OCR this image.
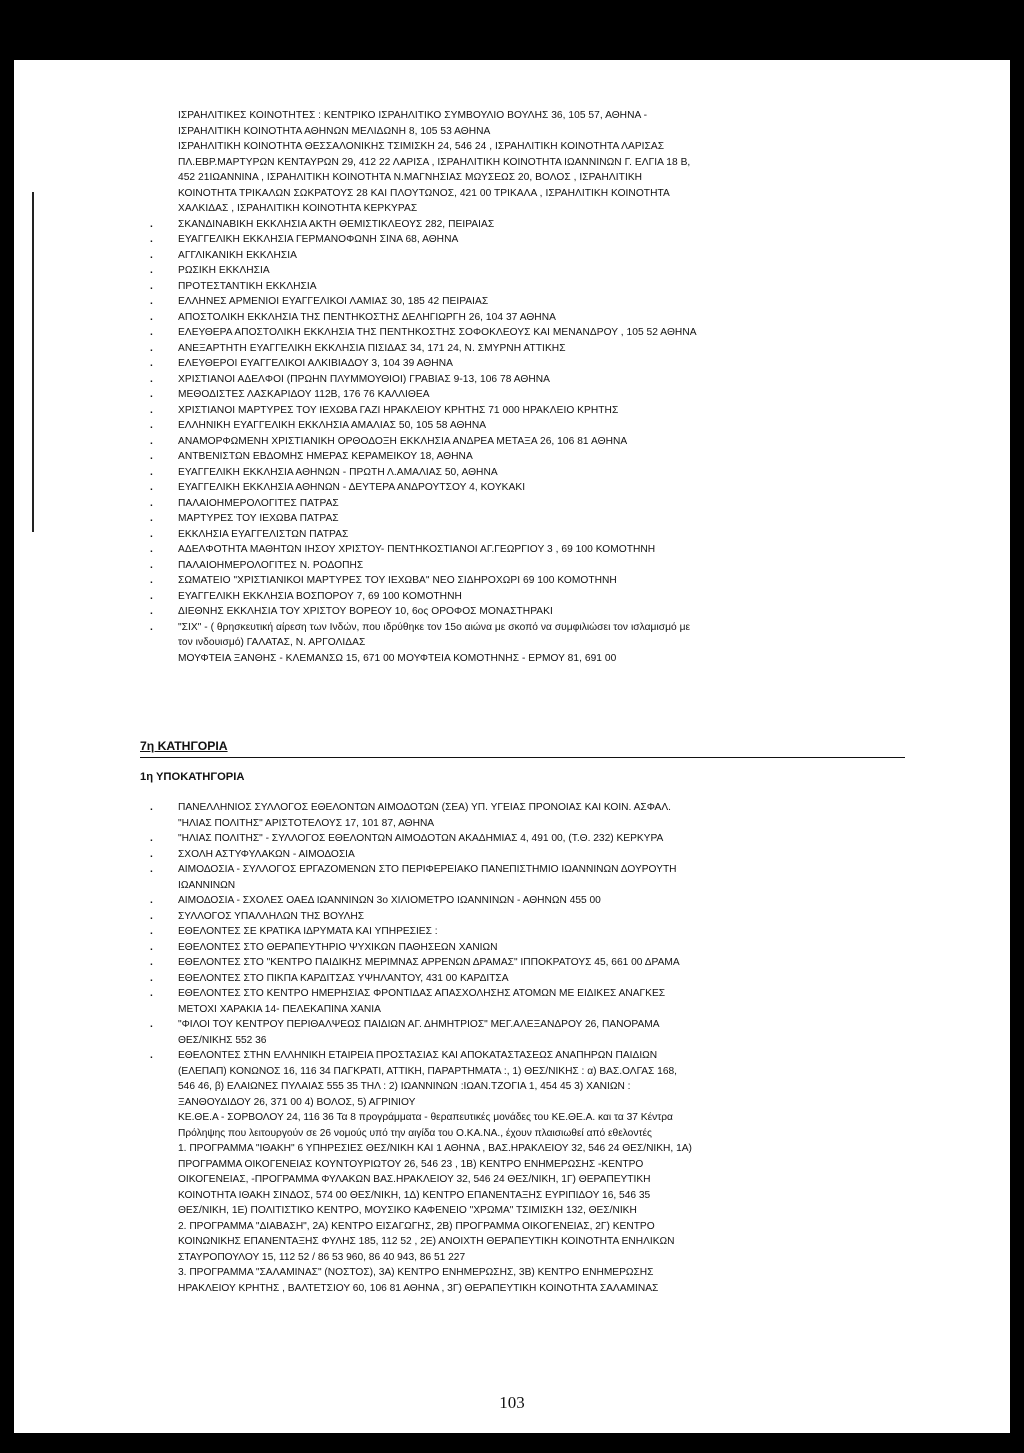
ΙΣΡΑΗΛΙΤΙΚΕΣ ΚΟΙΝΟΤΗΤΕΣ : ΚΕΝΤΡΙΚΟ ΙΣΡΑΗΛΙΤΙΚΟ ΣΥΜΒΟΥΛΙΟ ΒΟΥΛΗΣ 36, 105 57, ΑΘΗΝΑ -

ΙΣΡΑΗΛΙΤΙΚΗ ΚΟΙΝΟΤΗΤΑ ΑΘΗΝΩΝ ΜΕΛΙΔΩΝΗ 8, 105 53 ΑΘΗΝΑ

ΙΣΡΑΗΛΙΤΙΚΗ ΚΟΙΝΟΤΗΤΑ ΘΕΣΣΑΛΟΝΙΚΗΣ ΤΣΙΜΙΣΚΗ 24, 546 24 , ΙΣΡΑΗΛΙΤΙΚΗ ΚΟΙΝΟΤΗΤΑ ΛΑΡΙΣΑΣ

ΠΛ.ΕΒΡ.ΜΑΡΤΥΡΩΝ ΚΕΝΤΑΥΡΩΝ 29, 412 22 ΛΑΡΙΣΑ , ΙΣΡΑΗΛΙΤΙΚΗ ΚΟΙΝΟΤΗΤΑ ΙΩΑΝΝΙΝΩΝ Γ. ΕΛΓΙΑ 18 Β,

452 21ΙΩΑΝΝΙΝΑ , ΙΣΡΑΗΛΙΤΙΚΗ ΚΟΙΝΟΤΗΤΑ Ν.ΜΑΓΝΗΣΙΑΣ ΜΩΥΣΕΩΣ 20, ΒΟΛΟΣ , ΙΣΡΑΗΛΙΤΙΚΗ

ΚΟΙΝΟΤΗΤΑ ΤΡΙΚΑΛΩΝ ΣΩΚΡΑΤΟΥΣ 28 ΚΑΙ ΠΛΟΥΤΩΝΟΣ, 421 00 ΤΡΙΚΑΛΑ , ΙΣΡΑΗΛΙΤΙΚΗ ΚΟΙΝΟΤΗΤΑ

ΧΑΛΚΙΔΑΣ , ΙΣΡΑΗΛΙΤΙΚΗ ΚΟΙΝΟΤΗΤΑ ΚΕΡΚΥΡΑΣ

. ΣΚΑΝΔΙΝΑΒΙΚΗ ΕΚΚΛΗΣΙΑ ΑΚΤΗ ΘΕΜΙΣΤΙΚΛΕΟΥΣ 282, ΠΕΙΡΑΙΑΣ

. ΕΥΑΓΓΕΛΙΚΗ ΕΚΚΛΗΣΙΑ ΓΕΡΜΑΝΟΦΩΝΗ ΣΙΝΑ 68, ΑΘΗΝΑ

. ΑΓΓΛΙΚΑΝΙΚΗ ΕΚΚΛΗΣΙΑ

. ΡΩΣΙΚΗ ΕΚΚΛΗΣΙΑ

. ΠΡΟΤΕΣΤΑΝΤΙΚΗ ΕΚΚΛΗΣΙΑ

. ΕΛΛΗΝΕΣ ΑΡΜΕΝΙΟΙ ΕΥΑΓΓΕΛΙΚΟΙ ΛΑΜΙΑΣ 30, 185 42 ΠΕΙΡΑΙΑΣ

. ΑΠΟΣΤΟΛΙΚΗ ΕΚΚΛΗΣΙΑ ΤΗΣ ΠΕΝΤΗΚΟΣΤΗΣ ΔΕΛΗΓΙΩΡΓΗ 26, 104 37 ΑΘΗΝΑ

. ΕΛΕΥΘΕΡΑ ΑΠΟΣΤΟΛΙΚΗ ΕΚΚΛΗΣΙΑ ΤΗΣ ΠΕΝΤΗΚΟΣΤΗΣ ΣΟΦΟΚΛΕΟΥΣ ΚΑΙ ΜΕΝΑΝΔΡΟΥ , 105 52 ΑΘΗΝΑ

. ΑΝΕΞΑΡΤΗΤΗ ΕΥΑΓΓΕΛΙΚΗ ΕΚΚΛΗΣΙΑ ΠΙΣΙΔΑΣ 34, 171 24, Ν. ΣΜΥΡΝΗ ΑΤΤΙΚΗΣ

. ΕΛΕΥΘΕΡΟΙ ΕΥΑΓΓΕΛΙΚΟΙ ΑΛΚΙΒΙΑΔΟΥ 3, 104 39 ΑΘΗΝΑ

. ΧΡΙΣΤΙΑΝΟΙ ΑΔΕΛΦΟΙ (ΠΡΩΗΝ ΠΛΥΜΜΟΥΘΙΟΙ) ΓΡΑΒΙΑΣ 9-13, 106 78 ΑΘΗΝΑ

. ΜΕΘΟΔΙΣΤΕΣ ΛΑΣΚΑΡΙΔΟΥ 112Β, 176 76 ΚΑΛΛΙΘΕΑ

. ΧΡΙΣΤΙΑΝΟΙ ΜΑΡΤΥΡΕΣ ΤΟΥ ΙΕΧΩΒΑ ΓΑΖΙ ΗΡΑΚΛΕΙΟΥ ΚΡΗΤΗΣ 71 000 ΗΡΑΚΛΕΙΟ ΚΡΗΤΗΣ

. ΕΛΛΗΝΙΚΗ ΕΥΑΓΓΕΛΙΚΗ ΕΚΚΛΗΣΙΑ ΑΜΑΛΙΑΣ 50, 105 58 ΑΘΗΝΑ

. ΑΝΑΜΟΡΦΩΜΕΝΗ ΧΡΙΣΤΙΑΝΙΚΗ ΟΡΘΟΔΟΞΗ ΕΚΚΛΗΣΙΑ ΑΝΔΡΕΑ ΜΕΤΑΞΑ 26, 106 81 ΑΘΗΝΑ

. ΑΝΤΒΕΝΙΣΤΩΝ ΕΒΔΟΜΗΣ ΗΜΕΡΑΣ ΚΕΡΑΜΕΙΚΟΥ 18, ΑΘΗΝΑ

. ΕΥΑΓΓΕΛΙΚΗ ΕΚΚΛΗΣΙΑ ΑΘΗΝΩΝ - ΠΡΩΤΗ Λ.ΑΜΑΛΙΑΣ 50, ΑΘΗΝΑ

. ΕΥΑΓΓΕΛΙΚΗ ΕΚΚΛΗΣΙΑ ΑΘΗΝΩΝ - ΔΕΥΤΕΡΑ ΑΝΔΡΟΥΤΣΟΥ 4, ΚΟΥΚΑΚΙ

. ΠΑΛΑΙΟΗΜΕΡΟΛΟΓΙΤΕΣ ΠΑΤΡΑΣ

. ΜΑΡΤΥΡΕΣ ΤΟΥ ΙΕΧΩΒΑ ΠΑΤΡΑΣ

. ΕΚΚΛΗΣΙΑ ΕΥΑΓΓΕΛΙΣΤΩΝ ΠΑΤΡΑΣ

. ΑΔΕΛΦΟΤΗΤΑ ΜΑΘΗΤΩΝ ΙΗΣΟΥ ΧΡΙΣΤΟΥ- ΠΕΝΤΗΚΟΣΤΙΑΝΟΙ ΑΓ.ΓΕΩΡΓΙΟΥ 3 , 69 100 ΚΟΜΟΤΗΝΗ

. ΠΑΛΑΙΟΗΜΕΡΟΛΟΓΙΤΕΣ Ν. ΡΟΔΟΠΗΣ

. ΣΩΜΑΤΕΙΟ "ΧΡΙΣΤΙΑΝΙΚΟΙ ΜΑΡΤΥΡΕΣ ΤΟΥ ΙΕΧΩΒΑ" ΝΕΟ ΣΙΔΗΡΟΧΩΡΙ 69 100 ΚΟΜΟΤΗΝΗ

. ΕΥΑΓΓΕΛΙΚΗ ΕΚΚΛΗΣΙΑ ΒΟΣΠΟΡΟΥ 7, 69 100 ΚΟΜΟΤΗΝΗ

. ΔΙΕΘΝΗΣ ΕΚΚΛΗΣΙΑ ΤΟΥ ΧΡΙΣΤΟΥ ΒΟΡΕΟΥ 10, 6ος ΟΡΟΦΟΣ ΜΟΝΑΣΤΗΡΑΚΙ

. "ΣΙΧ" - ( θρησκευτική αίρεση των Ινδών, που ιδρύθηκε τον 15ο αιώνα με σκοπό να συμφιλιώσει τον ισλαμισμό με

τον ινδουισμό) ΓΑΛΑΤΑΣ, Ν. ΑΡΓΟΛΙΔΑΣ

ΜΟΥΦΤΕΙΑ ΞΑΝΘΗΣ - ΚΛΕΜΑΝΣΩ 15, 671 00 ΜΟΥΦΤΕΙΑ ΚΟΜΟΤΗΝΗΣ - ΕΡΜΟΥ 81, 691 00

7η ΚΑΤΗΓΟΡΙΑ
1η ΥΠΟΚΑΤΗΓΟΡΙΑ

. ΠΑΝΕΛΛΗΝΙΟΣ ΣΥΛΛΟΓΟΣ ΕΘΕΛΟΝΤΩΝ ΑΙΜΟΔΟΤΩΝ (ΣΕΑ) ΥΠ. ΥΓΕΙΑΣ ΠΡΟΝΟΙΑΣ ΚΑΙ ΚΟΙΝ. ΑΣΦΑΛ.

"ΗΛΙΑΣ ΠΟΛΙΤΗΣ" ΑΡΙΣΤΟΤΕΛΟΥΣ 17, 101 87, ΑΘΗΝΑ

. "ΗΛΙΑΣ ΠΟΛΙΤΗΣ" - ΣΥΛΛΟΓΟΣ ΕΘΕΛΟΝΤΩΝ ΑΙΜΟΔΟΤΩΝ ΑΚΑΔΗΜΙΑΣ 4, 491 00, (Τ.Θ. 232) ΚΕΡΚΥΡΑ

. ΣΧΟΛΗ ΑΣΤΥΦΥΛΑΚΩΝ - ΑΙΜΟΔΟΣΙΑ

. ΑΙΜΟΔΟΣΙΑ - ΣΥΛΛΟΓΟΣ ΕΡΓΑΖΟΜΕΝΩΝ ΣΤΟ ΠΕΡΙΦΕΡΕΙΑΚΟ ΠΑΝΕΠΙΣΤΗΜΙΟ ΙΩΑΝΝΙΝΩΝ ΔΟΥΡΟΥΤΗ

ΙΩΑΝΝΙΝΩΝ

. ΑΙΜΟΔΟΣΙΑ - ΣΧΟΛΕΣ ΟΑΕΔ ΙΩΑΝΝΙΝΩΝ 3ο ΧΙΛΙΟΜΕΤΡΟ ΙΩΑΝΝΙΝΩΝ - ΑΘΗΝΩΝ 455 00

. ΣΥΛΛΟΓΟΣ ΥΠΑΛΛΗΛΩΝ ΤΗΣ ΒΟΥΛΗΣ

. ΕΘΕΛΟΝΤΕΣ ΣΕ ΚΡΑΤΙΚΑ ΙΔΡΥΜΑΤΑ ΚΑΙ ΥΠΗΡΕΣΙΕΣ :

. ΕΘΕΛΟΝΤΕΣ ΣΤΟ ΘΕΡΑΠΕΥΤΗΡΙΟ ΨΥΧΙΚΩΝ ΠΑΘΗΣΕΩΝ ΧΑΝΙΩΝ

. ΕΘΕΛΟΝΤΕΣ ΣΤΟ "ΚΕΝΤΡΟ ΠΑΙΔΙΚΗΣ ΜΕΡΙΜΝΑΣ ΑΡΡΕΝΩΝ ΔΡΑΜΑΣ" ΙΠΠΟΚΡΑΤΟΥΣ 45, 661 00 ΔΡΑΜΑ

. ΕΘΕΛΟΝΤΕΣ ΣΤΟ ΠΙΚΠΑ ΚΑΡΔΙΤΣΑΣ ΥΨΗΛΑΝΤΟΥ, 431 00 ΚΑΡΔΙΤΣΑ

. ΕΘΕΛΟΝΤΕΣ ΣΤΟ ΚΕΝΤΡΟ ΗΜΕΡΗΣΙΑΣ ΦΡΟΝΤΙΔΑΣ ΑΠΑΣΧΟΛΗΣΗΣ ΑΤΟΜΩΝ ΜΕ ΕΙΔΙΚΕΣ ΑΝΑΓΚΕΣ

ΜΕΤΟΧΙ ΧΑΡΑΚΙΑ 14- ΠΕΛΕΚΑΠΙΝΑ ΧΑΝΙΑ

. "ΦΙΛΟΙ ΤΟΥ ΚΕΝΤΡΟΥ ΠΕΡΙΘΑΛΨΕΩΣ ΠΑΙΔΙΩΝ ΑΓ. ΔΗΜΗΤΡΙΟΣ" ΜΕΓ.ΑΛΕΞΑΝΔΡΟΥ 26, ΠΑΝΟΡΑΜΑ

ΘΕΣ/ΝΙΚΗΣ 552 36

. ΕΘΕΛΟΝΤΕΣ ΣΤΗΝ ΕΛΛΗΝΙΚΗ ΕΤΑΙΡΕΙΑ ΠΡΟΣΤΑΣΙΑΣ ΚΑΙ ΑΠΟΚΑΤΑΣΤΑΣΕΩΣ ΑΝΑΠΗΡΩΝ ΠΑΙΔΙΩΝ

(ΕΛΕΠΑΠ) ΚΟΝΩΝΟΣ 16, 116 34 ΠΑΓΚΡΑΤΙ, ΑΤΤΙΚΗ, ΠΑΡΑΡΤΗΜΑΤΑ :, 1) ΘΕΣ/ΝΙΚΗΣ : α) ΒΑΣ.ΟΛΓΑΣ 168,

546 46, β) ΕΛΑΙΩΝΕΣ ΠΥΛΑΙΑΣ 555 35 ΤΗΛ : 2) ΙΩΑΝΝΙΝΩΝ :ΙΩΑΝ.ΤΖΟΓΙΑ 1, 454 45 3) ΧΑΝΙΩΝ :

ΞΑΝΘΟΥΔΙΔΟΥ 26, 371 00 4) ΒΟΛΟΣ, 5) ΑΓΡΙΝΙΟΥ

ΚΕ.ΘΕ.Α - ΣΟΡΒΟΛΟΥ 24, 116 36 Τα 8 προγράμματα - θεραπευτικές μονάδες του ΚΕ.ΘΕ.Α. και τα 37 Κέντρα

Πρόληψης που λειτουργούν σε 26 νομούς υπό την αιγίδα του Ο.ΚΑ.ΝΑ., έχουν πλαισιωθεί από εθελοντές

1. ΠΡΟΓΡΑΜΜΑ "ΙΘΑΚΗ" 6 ΥΠΗΡΕΣΙΕΣ ΘΕΣ/ΝΙΚΗ ΚΑΙ 1 ΑΘΗΝΑ , ΒΑΣ.ΗΡΑΚΛΕΙΟΥ 32, 546 24 ΘΕΣ/ΝΙΚΗ, 1Α)

ΠΡΟΓΡΑΜΜΑ ΟΙΚΟΓΕΝΕΙΑΣ ΚΟΥΝΤΟΥΡΙΩΤΟΥ 26, 546 23 , 1Β) ΚΕΝΤΡΟ ΕΝΗΜΕΡΩΣΗΣ -ΚΕΝΤΡΟ

ΟΙΚΟΓΕΝΕΙΑΣ, -ΠΡΟΓΡΑΜΜΑ ΦΥΛΑΚΩΝ ΒΑΣ.ΗΡΑΚΛΕΙΟΥ 32, 546 24 ΘΕΣ/ΝΙΚΗ, 1Γ) ΘΕΡΑΠΕΥΤΙΚΗ

ΚΟΙΝΟΤΗΤΑ ΙΘΑΚΗ ΣΙΝΔΟΣ, 574 00 ΘΕΣ/ΝΙΚΗ, 1Δ) ΚΕΝΤΡΟ ΕΠΑΝΕΝΤΑΞΗΣ ΕΥΡΙΠΙΔΟΥ 16, 546 35

ΘΕΣ/ΝΙΚΗ, 1Ε) ΠΟΛΙΤΙΣΤΙΚΟ ΚΕΝΤΡΟ, ΜΟΥΣΙΚΟ ΚΑΦΕΝΕΙΟ "ΧΡΩΜΑ" ΤΣΙΜΙΣΚΗ 132, ΘΕΣ/ΝΙΚΗ

2. ΠΡΟΓΡΑΜΜΑ "ΔΙΑΒΑΣΗ", 2Α) ΚΕΝΤΡΟ ΕΙΣΑΓΩΓΗΣ, 2Β) ΠΡΟΓΡΑΜΜΑ ΟΙΚΟΓΕΝΕΙΑΣ, 2Γ) ΚΕΝΤΡΟ

ΚΟΙΝΩΝΙΚΗΣ ΕΠΑΝΕΝΤΑΞΗΣ ΦΥΛΗΣ 185, 112 52 , 2Ε) ΑΝΟΙΧΤΗ ΘΕΡΑΠΕΥΤΙΚΗ ΚΟΙΝΟΤΗΤΑ ΕΝΗΛΙΚΩΝ

ΣΤΑΥΡΟΠΟΥΛΟΥ 15, 112 52 / 86 53 960, 86 40 943, 86 51 227

3. ΠΡΟΓΡΑΜΜΑ "ΣΑΛΑΜΙΝΑΣ" (ΝΟΣΤΟΣ), 3Α) ΚΕΝΤΡΟ ΕΝΗΜΕΡΩΣΗΣ, 3Β) ΚΕΝΤΡΟ ΕΝΗΜΕΡΩΣΗΣ

ΗΡΑΚΛΕΙΟΥ ΚΡΗΤΗΣ , ΒΑΛΤΕΤΣΙΟΥ 60, 106 81 ΑΘΗΝΑ , 3Γ) ΘΕΡΑΠΕΥΤΙΚΗ ΚΟΙΝΟΤΗΤΑ ΣΑΛΑΜΙΝΑΣ

103
